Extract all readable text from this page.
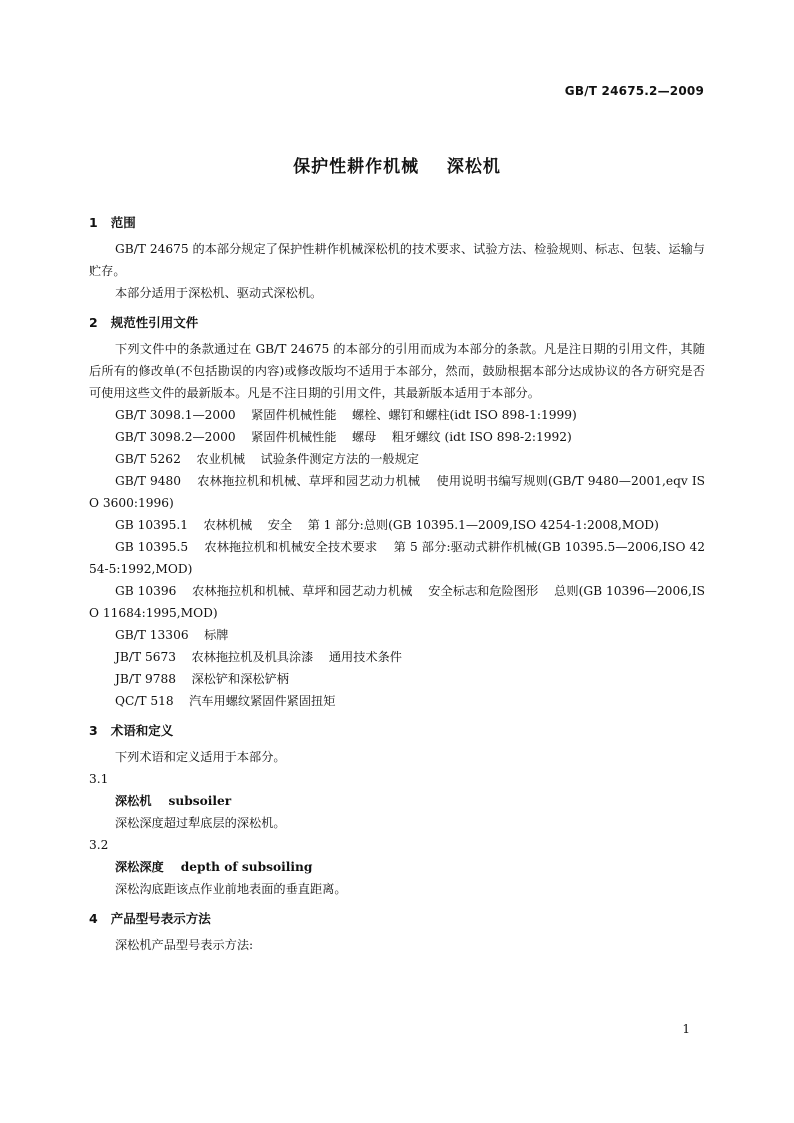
GB/T 24675.2—2009
保护性耕作机械    深松机
1   范围
GB/T 24675 的本部分规定了保护性耕作机械深松机的技术要求、试验方法、检验规则、标志、包装、运输与贮存。
本部分适用于深松机、驱动式深松机。
2   规范性引用文件
下列文件中的条款通过在 GB/T 24675 的本部分的引用而成为本部分的条款。凡是注日期的引用文件，其随后所有的修改单(不包括勘误的内容)或修改版均不适用于本部分，然而，鼓励根据本部分达成协议的各方研究是否可使用这些文件的最新版本。凡是不注日期的引用文件，其最新版本适用于本部分。
GB/T 3098.1—2000    紧固件机械性能    螺栓、螺钉和螺柱(idt ISO 898-1:1999)
GB/T 3098.2—2000    紧固件机械性能    螺母    粗牙螺纹 (idt ISO 898-2:1992)
GB/T 5262    农业机械    试验条件测定方法的一般规定
GB/T 9480    农林拖拉机和机械、草坪和园艺动力机械    使用说明书编写规则(GB/T 9480—2001,eqv ISO 3600:1996)
GB 10395.1    农林机械    安全    第 1 部分:总则(GB 10395.1—2009,ISO 4254-1:2008,MOD)
GB 10395.5    农林拖拉机和机械安全技术要求    第 5 部分:驱动式耕作机械(GB 10395.5—2006,ISO 4254-5:1992,MOD)
GB 10396    农林拖拉机和机械、草坪和园艺动力机械    安全标志和危险图形    总则(GB 10396—2006,ISO 11684:1995,MOD)
GB/T 13306    标牌
JB/T 5673    农林拖拉机及机具涂漆    通用技术条件
JB/T 9788    深松铲和深松铲柄
QC/T 518    汽车用螺纹紧固件紧固扭矩
3   术语和定义
下列术语和定义适用于本部分。
3.1
深松机 subsoiler
深松深度超过犁底层的深松机。
3.2
深松深度 depth of subsoiling
深松沟底距该点作业前地表面的垂直距离。
4   产品型号表示方法
深松机产品型号表示方法:
1
